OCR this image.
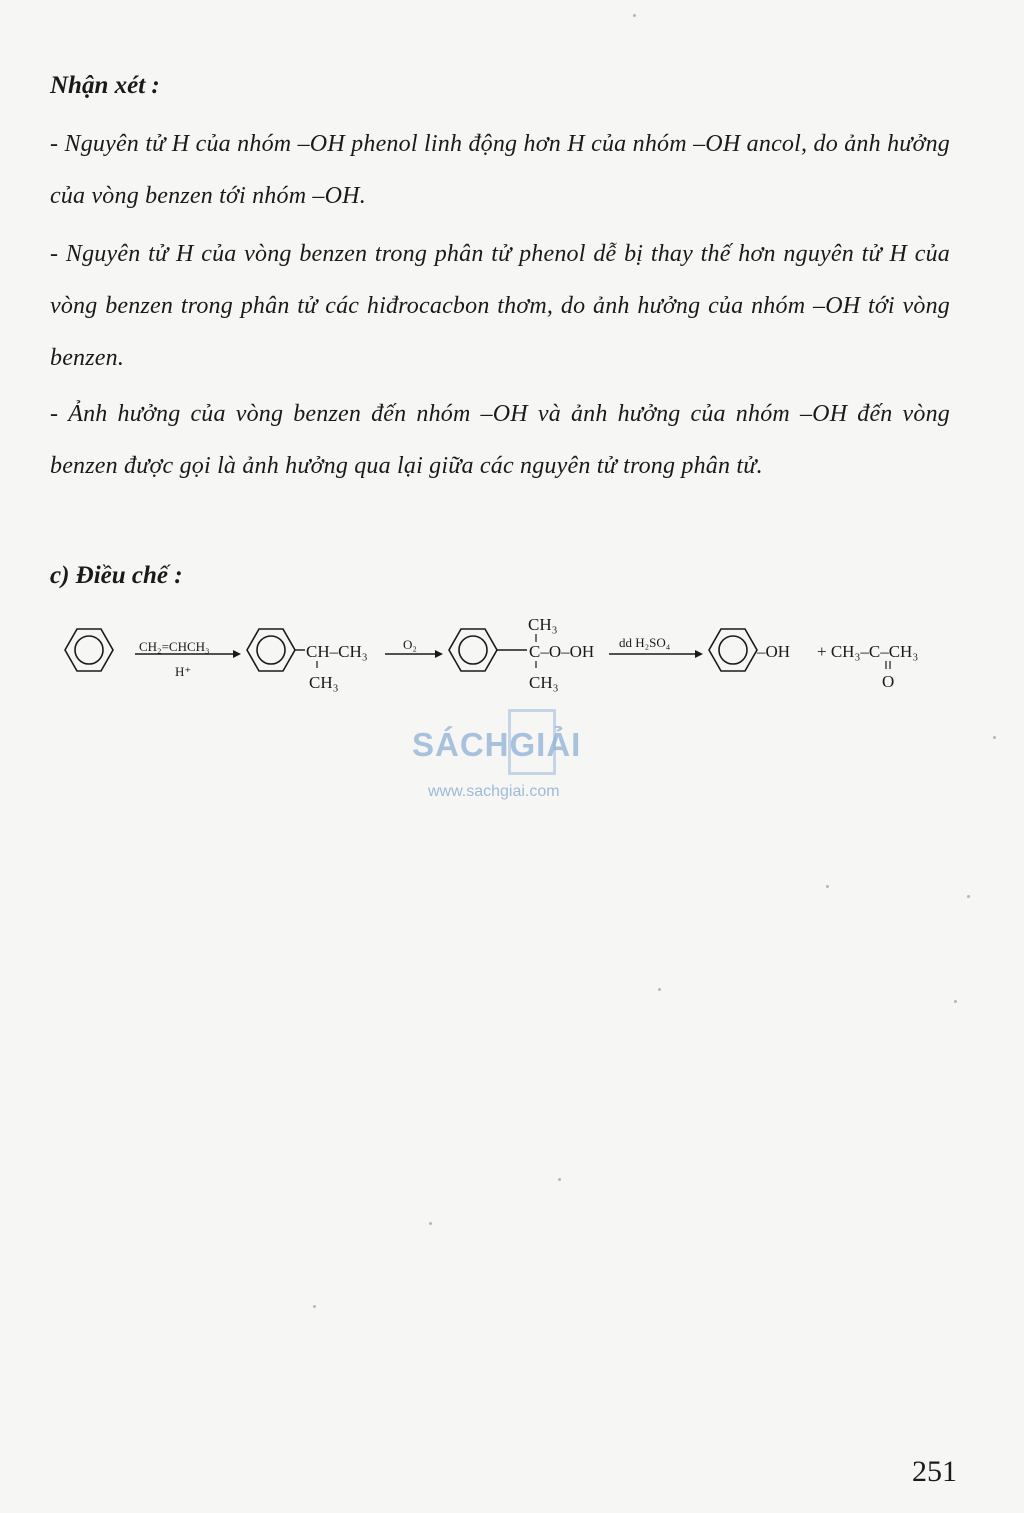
Nhận xét :
- Nguyên tử H của nhóm –OH phenol linh động hơn H của nhóm –OH ancol, do ảnh hưởng của vòng benzen tới nhóm –OH.
- Nguyên tử H của vòng benzen trong phân tử phenol dễ bị thay thế hơn nguyên tử H của vòng benzen trong phân tử các hiđrocacbon thơm, do ảnh hưởng của nhóm –OH tới vòng benzen.
- Ảnh hưởng của vòng benzen đến nhóm –OH và ảnh hưởng của nhóm –OH đến vòng benzen được gọi là ảnh hưởng qua lại giữa các nguyên tử trong phân tử.
c) Điều chế :
CH₂=CHCH₃
H⁺
CH–CH₃
CH₃
O₂
CH₃
C–O–OH
CH₃
dd H₂SO₄	–OH + CH₃–C–CH₃
O
SÁCHGIẢI
www.sachgiai.com
251
